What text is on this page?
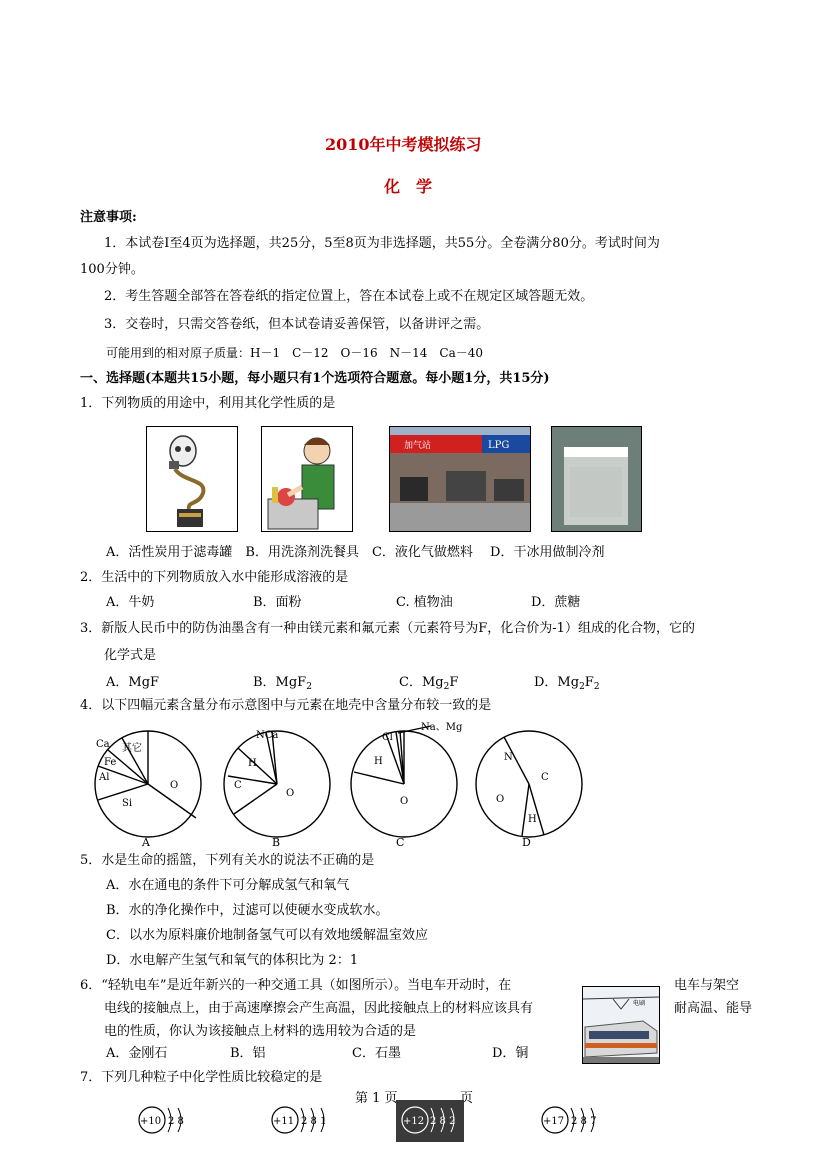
2010年中考模拟练习
化　学
注意事项:
1．本试卷Ⅰ至4页为选择题，共25分，5至8页为非选择题，共55分。全卷满分80分。考试时间为
100分钟。
2．考生答题全部答在答卷纸的指定位置上，答在本试卷上或不在规定区域答题无效。
3．交卷时，只需交答卷纸，但本试卷请妥善保管，以备讲评之需。
可能用到的相对原子质量：H－1　C－12　O－16　N－14　Ca－40
一、选择题(本题共15小题，每小题只有1个选项符合题意。每小题1分，共15分)
1．下列物质的用途中，利用其化学性质的是
加气站	LPG
A．活性炭用于滤毒罐　B．用洗涤剂洗餐具　C．液化气做燃料　 D．干冰用做制冷剂
2．生活中的下列物质放入水中能形成溶液的是
A．牛奶	B．面粉	C. 植物油	D．蔗糖
3．新版人民币中的防伪油墨含有一种由镁元素和氟元素（元素符号为F，化合价为-1）组成的化合物，它的
化学式是
A．MgF	B．MgF$_2$	C．$Mg_2F$	D．$Mg_2F_2$
4．以下四幅元素含量分布示意图中与元素在地壳中含量分布较一致的是
Ca 其它
Fe
Al
Si
O
A
NCa
H
C
O
B
Cl
Na、Mg
H
O
C
N
C
O
H
D
5．水是生命的摇篮，下列有关水的说法不正确的是
A．水在通电的条件下可分解成氢气和氧气
B．水的净化操作中，过滤可以使硬水变成软水。
C．以水为原料廉价地制备氢气可以有效地缓解温室效应
D．水电解产生氢气和氧气的体积比为 2：1
6．“轻轨电车”是近年新兴的一种交通工具（如图所示）。当电车开动时，在	电车与架空
电线的接触点上，由于高速摩擦会产生高温，因此接触点上的材料应该具有	耐高温、能导
电的性质，你认为该接触点上材料的选用较为合适的是
电刷
A．金刚石	B．铝	C．石墨	D．铜
7．下列几种粒子中化学性质比较稳定的是
第 1 页	页
+10 2 8	+11 2 8 1	+12 2 8 2	+17 2 8 7
